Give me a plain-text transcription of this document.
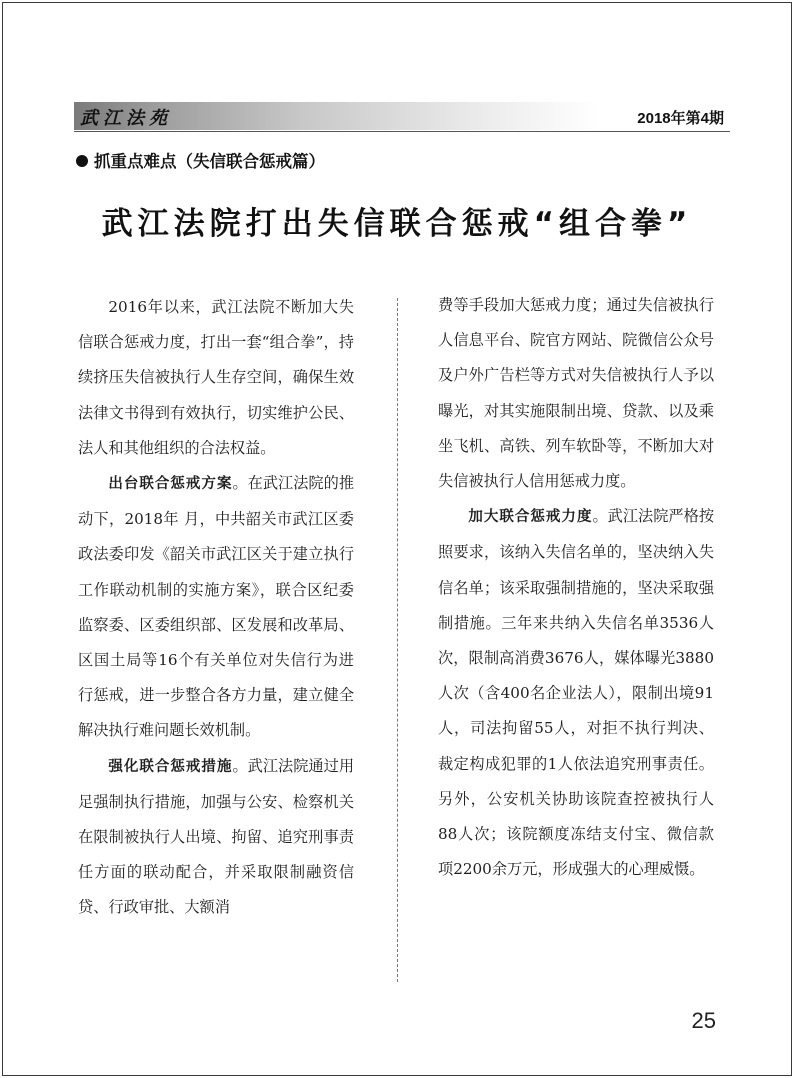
武江法苑	2018年第4期
抓重点难点（失信联合惩戒篇）
武江法院打出失信联合惩戒“组合拳”

2016年以来，武江法院不断加大失信联合惩戒力度，打出一套“组合拳”，持续挤压失信被执行人生存空间，确保生效法律文书得到有效执行，切实维护公民、法人和其他组织的合法权益。

出台联合惩戒方案。在武江法院的推动下，2018年 月，中共韶关市武江区委政法委印发《韶关市武江区关于建立执行工作联动机制的实施方案》，联合区纪委监察委、区委组织部、区发展和改革局、区国土局等16个有关单位对失信行为进行惩戒，进一步整合各方力量，建立健全解决执行难问题长效机制。

强化联合惩戒措施。武江法院通过用足强制执行措施，加强与公安、检察机关在限制被执行人出境、拘留、追究刑事责任方面的联动配合，并采取限制融资信贷、行政审批、大额消

费等手段加大惩戒力度；通过失信被执行人信息平台、院官方网站、院微信公众号及户外广告栏等方式对失信被执行人予以曝光，对其实施限制出境、贷款、以及乘坐飞机、高铁、列车软卧等，不断加大对失信被执行人信用惩戒力度。

加大联合惩戒力度。武江法院严格按照要求，该纳入失信名单的，坚决纳入失信名单；该采取强制措施的，坚决采取强制措施。三年来共纳入失信名单3536人次，限制高消费3676人，媒体曝光3880人次（含400名企业法人），限制出境91人，司法拘留55人，对拒不执行判决、裁定构成犯罪的1人依法追究刑事责任。另外，公安机关协助该院查控被执行人88人次；该院额度冻结支付宝、微信款项2200余万元，形成强大的心理威慑。

25
